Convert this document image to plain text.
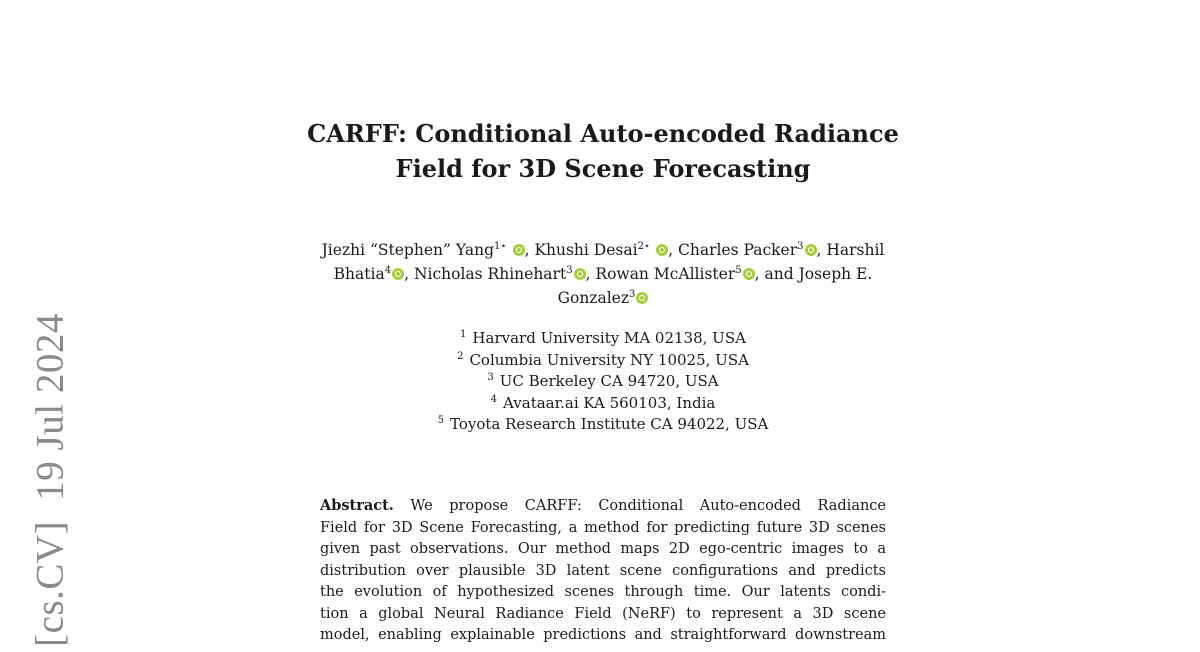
[cs.CV] 19 Jul 2024
CARFF: Conditional Auto-encoded Radiance
Field for 3D Scene Forecasting
Jiezhi “Stephen” Yang$^{1⋆}$ , Khushi Desai$^{2⋆}$ , Charles Packer$^3$ , Harshil
Bhatia$^4$ , Nicholas Rhinehart$^3$ , Rowan McAllister$^5$ , and Joseph E.
Gonzalez$^3$
$^1$ Harvard University MA 02138, USA
$^2$ Columbia University NY 10025, USA
$^3$ UC Berkeley CA 94720, USA
$^4$ Avataar.ai KA 560103, India
$^5$ Toyota Research Institute CA 94022, USA
Abstract. We propose CARFF: Conditional Auto-encoded Radiance
Field for 3D Scene Forecasting, a method for predicting future 3D scenes
given past observations. Our method maps 2D ego-centric images to a
distribution over plausible 3D latent scene configurations and predicts
the evolution of hypothesized scenes through time. Our latents condi-
tion a global Neural Radiance Field (NeRF) to represent a 3D scene
model, enabling explainable predictions and straightforward downstream
